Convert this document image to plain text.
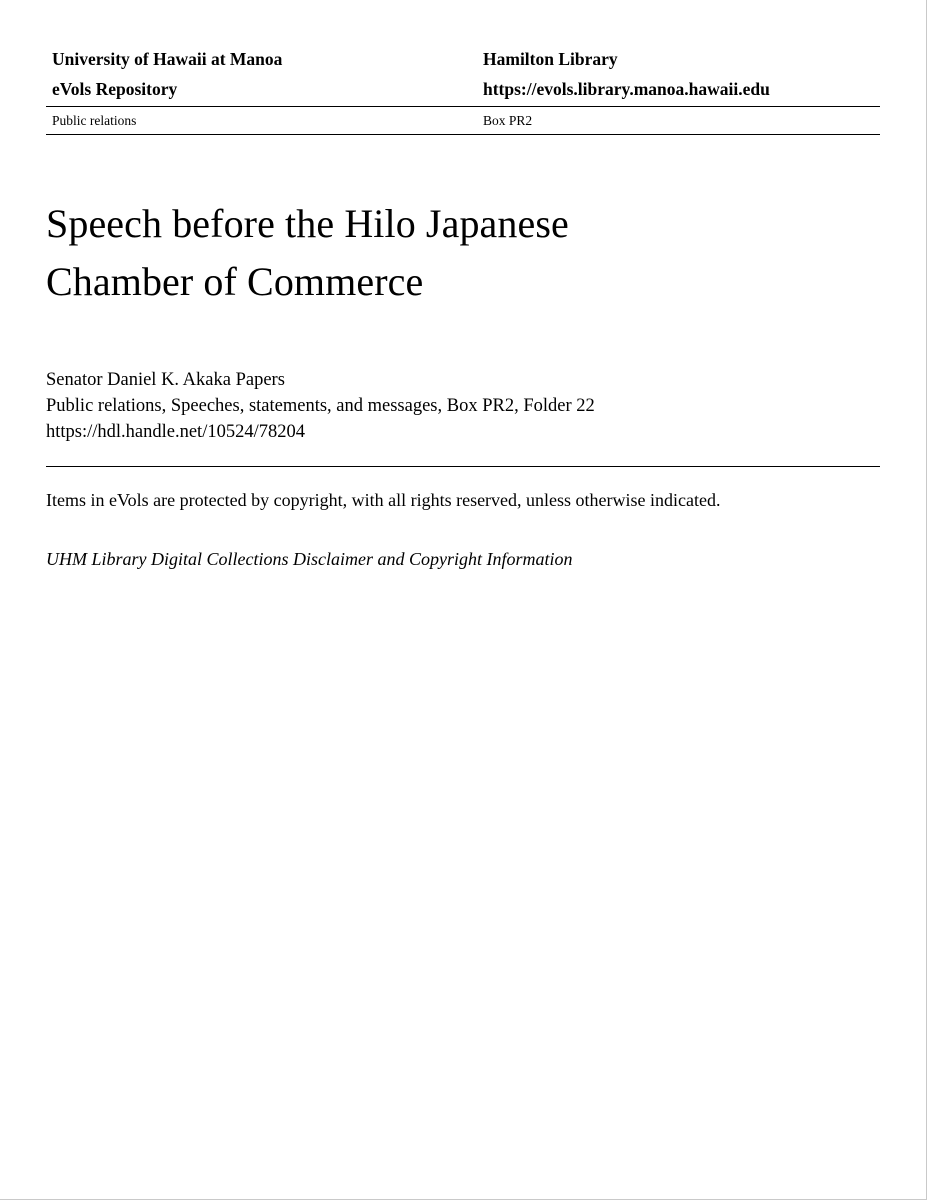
University of Hawaii at Manoa	Hamilton Library
eVols Repository	https://evols.library.manoa.hawaii.edu

Public relations	Box PR2

Speech before the Hilo Japanese Chamber of Commerce
Senator Daniel K. Akaka Papers
Public relations, Speeches, statements, and messages, Box PR2, Folder 22
https://hdl.handle.net/10524/78204
Items in eVols are protected by copyright, with all rights reserved, unless otherwise indicated.
UHM Library Digital Collections Disclaimer and Copyright Information
